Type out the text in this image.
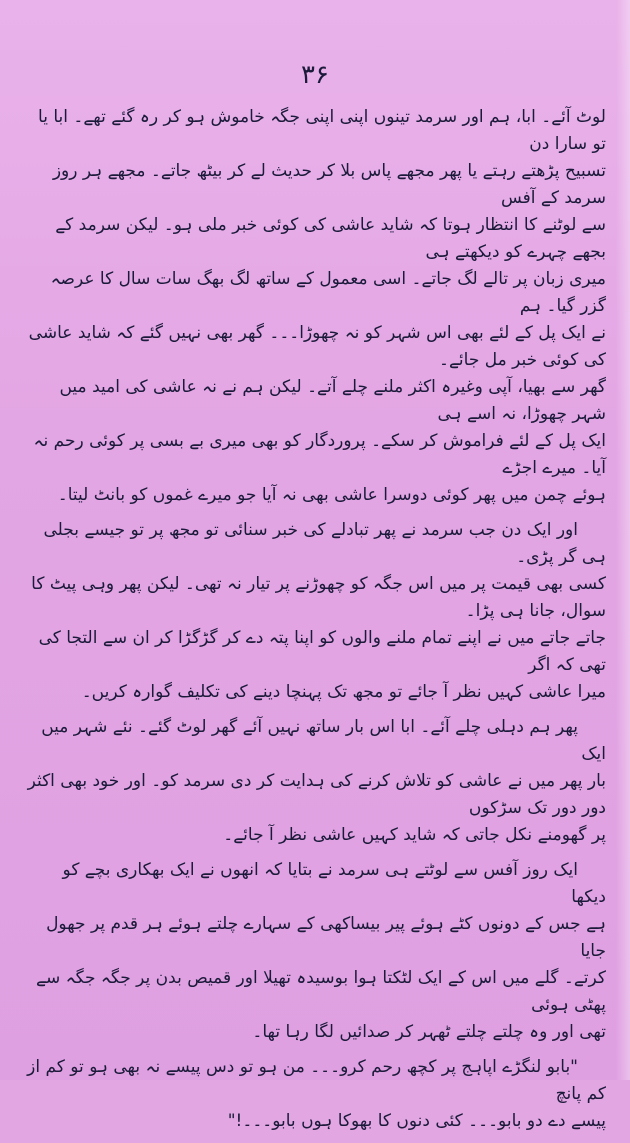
۳۶

لوٹ آئے۔ ابا، ہم اور سرمد تینوں اپنی اپنی جگہ خاموش ہو کر رہ گئے تھے۔ ابا یا تو سارا دن
تسبیح پڑھتے رہتے یا پھر مجھے پاس بلا کر حدیث لے کر بیٹھ جاتے۔ مجھے ہر روز سرمد کے آفس
سے لوٹنے کا انتظار ہوتا کہ شاید عاشی کی کوئی خبر ملی ہو۔ لیکن سرمد کے بجھے چہرے کو دیکھتے ہی
میری زبان پر تالے لگ جاتے۔ اسی معمول کے ساتھ لگ بھگ سات سال کا عرصہ گزر گیا۔ ہم
نے ایک پل کے لئے بھی اس شہر کو نہ چھوڑا۔۔۔ گھر بھی نہیں گئے کہ شاید عاشی کی کوئی خبر مل جائے۔
گھر سے بھیا، آپی وغیرہ اکثر ملنے چلے آتے۔ لیکن ہم نے نہ عاشی کی امید میں شہر چھوڑا، نہ اسے ہی
ایک پل کے لئے فراموش کر سکے۔ پروردگار کو بھی میری بے بسی پر کوئی رحم نہ آیا۔ میرے اجڑے
ہوئے چمن میں پھر کوئی دوسرا عاشی بھی نہ آیا جو میرے غموں کو بانٹ لیتا۔

اور ایک دن جب سرمد نے پھر تبادلے کی خبر سنائی تو مجھ پر تو جیسے بجلی ہی گر پڑی۔
کسی بھی قیمت پر میں اس جگہ کو چھوڑنے پر تیار نہ تھی۔ لیکن پھر وہی پیٹ کا سوال، جانا ہی پڑا۔
جاتے جاتے میں نے اپنے تمام ملنے والوں کو اپنا پتہ دے کر گڑگڑا کر ان سے التجا کی تھی کہ اگر
میرا عاشی کہیں نظر آ جائے تو مجھ تک پہنچا دینے کی تکلیف گوارہ کریں۔

پھر ہم دہلی چلے آئے۔ ابا اس بار ساتھ نہیں آئے گھر لوٹ گئے۔ نئے شہر میں ایک
بار پھر میں نے عاشی کو تلاش کرنے کی ہدایت کر دی سرمد کو۔ اور خود بھی اکثر دور دور تک سڑکوں
پر گھومنے نکل جاتی کہ شاید کہیں عاشی نظر آ جائے۔

ایک روز آفس سے لوٹتے ہی سرمد نے بتایا کہ انھوں نے ایک بھکاری بچے کو دیکھا
ہے جس کے دونوں کٹے ہوئے پیر بیساکھی کے سہارے چلتے ہوئے ہر قدم پر جھول جایا
کرتے۔ گلے میں اس کے ایک لٹکتا ہوا بوسیدہ تھیلا اور قمیص بدن پر جگہ جگہ سے پھٹی ہوئی
تھی اور وہ چلتے چلتے ٹھہر کر صدائیں لگا رہا تھا۔

"بابو لنگڑے اپاہج پر کچھ رحم کرو۔۔۔ من ہو تو دس پیسے نہ بھی ہو تو کم از کم پانچ
پیسے دے دو بابو۔۔۔ کئی دنوں کا بھوکا ہوں بابو۔۔۔!"
